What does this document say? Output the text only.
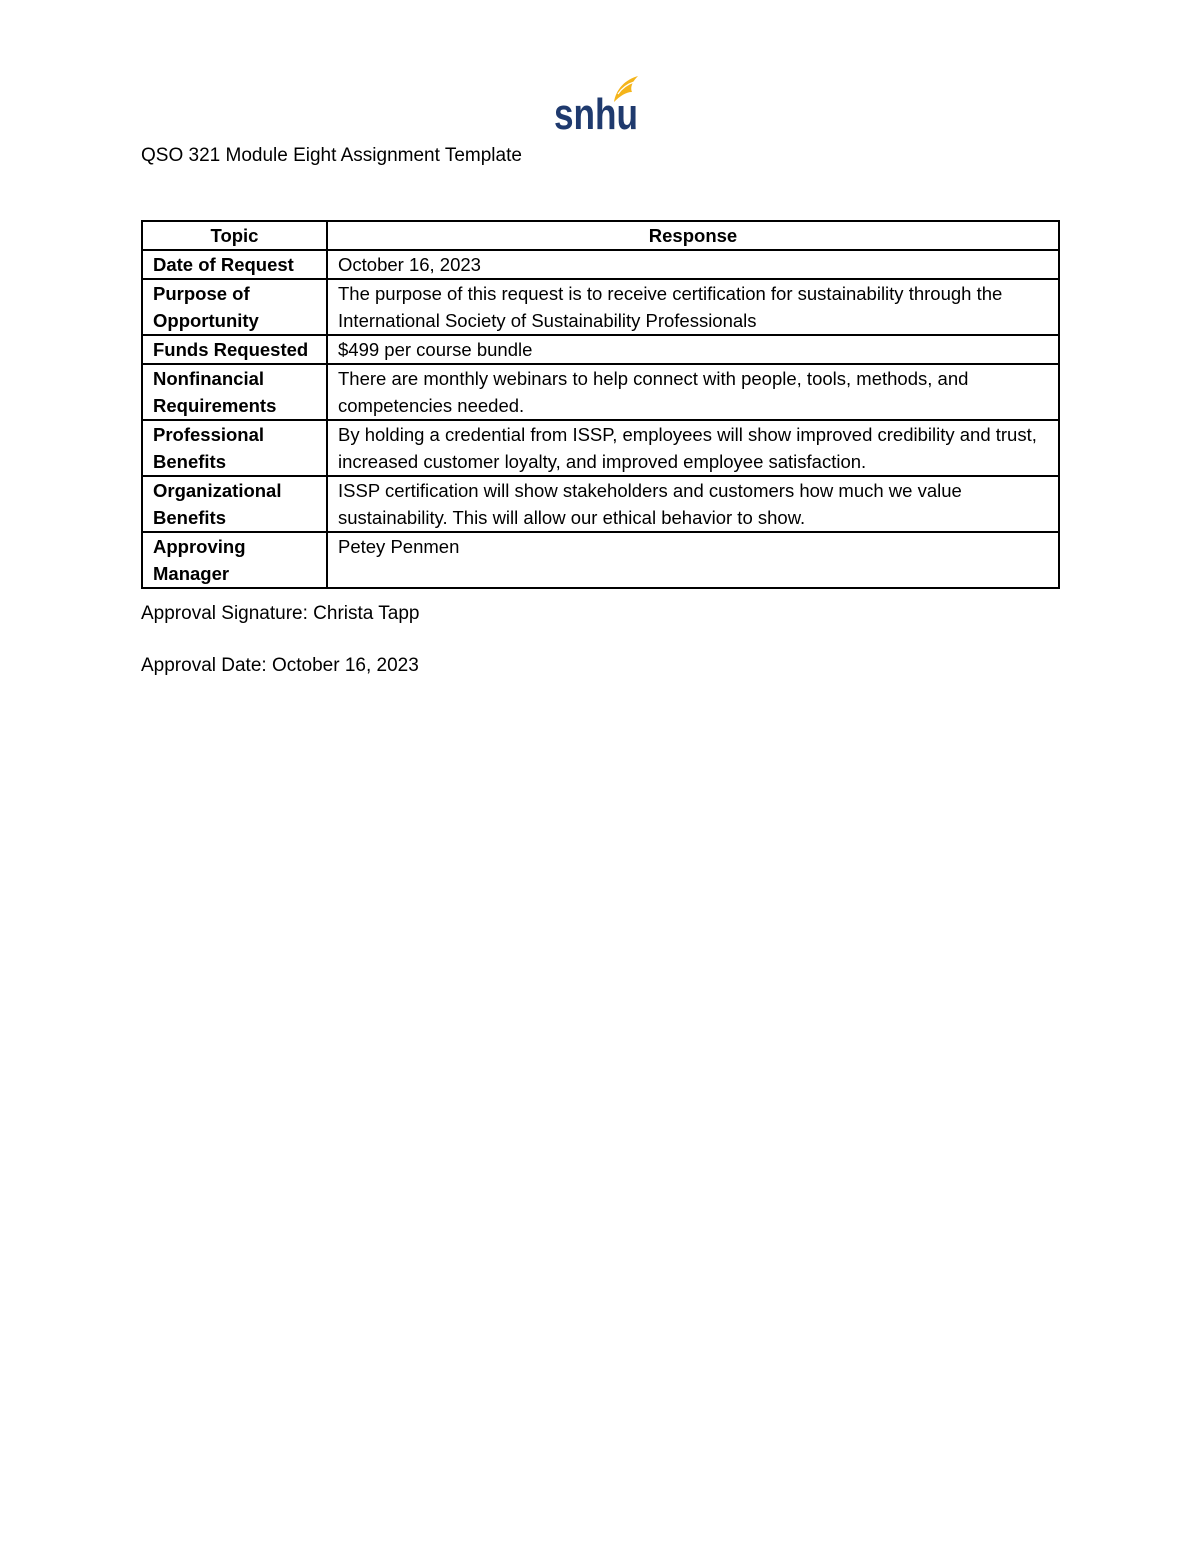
snhu
QSO 321 Module Eight Assignment Template
Topic	Response
Date of Request	October 16, 2023
Purpose of Opportunity	The purpose of this request is to receive certification for sustainability through the International Society of Sustainability Professionals
Funds Requested	$499 per course bundle
Nonfinancial Requirements	There are monthly webinars to help connect with people, tools, methods, and competencies needed.
Professional Benefits	By holding a credential from ISSP, employees will show improved credibility and trust, increased customer loyalty, and improved employee satisfaction.
Organizational Benefits	ISSP certification will show stakeholders and customers how much we value sustainability. This will allow our ethical behavior to show.
Approving Manager	Petey Penmen
Approval Signature: Christa Tapp
Approval Date: October 16, 2023
